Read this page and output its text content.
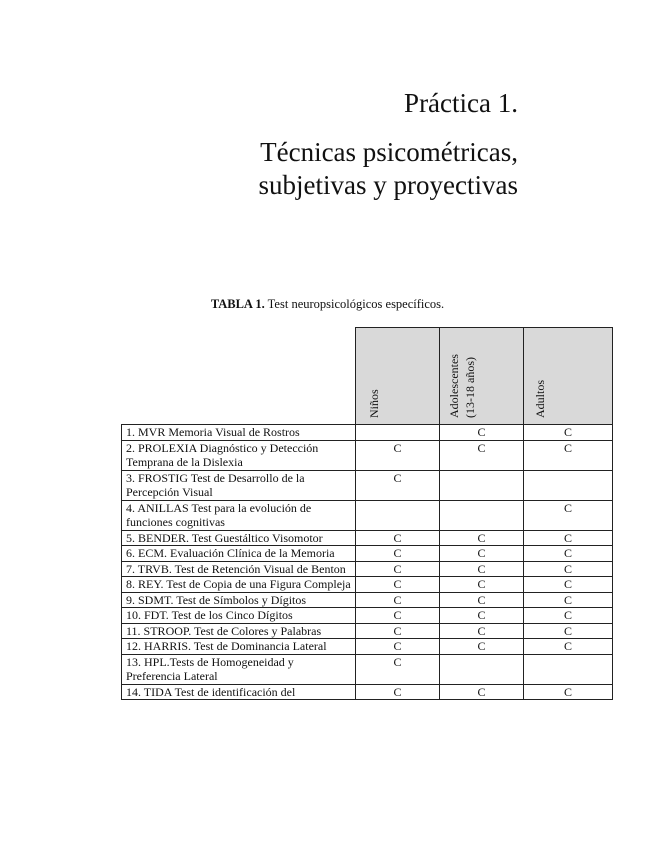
Práctica 1.
Técnicas psicométricas,
subjetivas y proyectivas
TABLA 1. Test neuropsicológicos específicos.

	Niños	Adolescentes (13-18 años)	Adultos

1. MVR Memoria Visual de Rostros		C	C
2. PROLEXIA Diagnóstico y Detección Temprana de la Dislexia	C	C	C
3. FROSTIG Test de Desarrollo de la Percepción Visual	C		
4. ANILLAS Test para la evolución de funciones cognitivas			C
5. BENDER. Test Guestáltico Visomotor	C	C	C
6. ECM. Evaluación Clínica de la Memoria	C	C	C
7. TRVB. Test de Retención Visual de Benton	C	C	C
8. REY. Test de Copia de una Figura Compleja	C	C	C
9. SDMT. Test de Símbolos y Dígitos	C	C	C
10. FDT. Test de los Cinco Dígitos	C	C	C
11. STROOP. Test de Colores y Palabras	C	C	C
12. HARRIS. Test de Dominancia Lateral	C	C	C
13. HPL.Tests de Homogeneidad y Preferencia Lateral	C		
14. TIDA Test de identificación del	C	C	C
